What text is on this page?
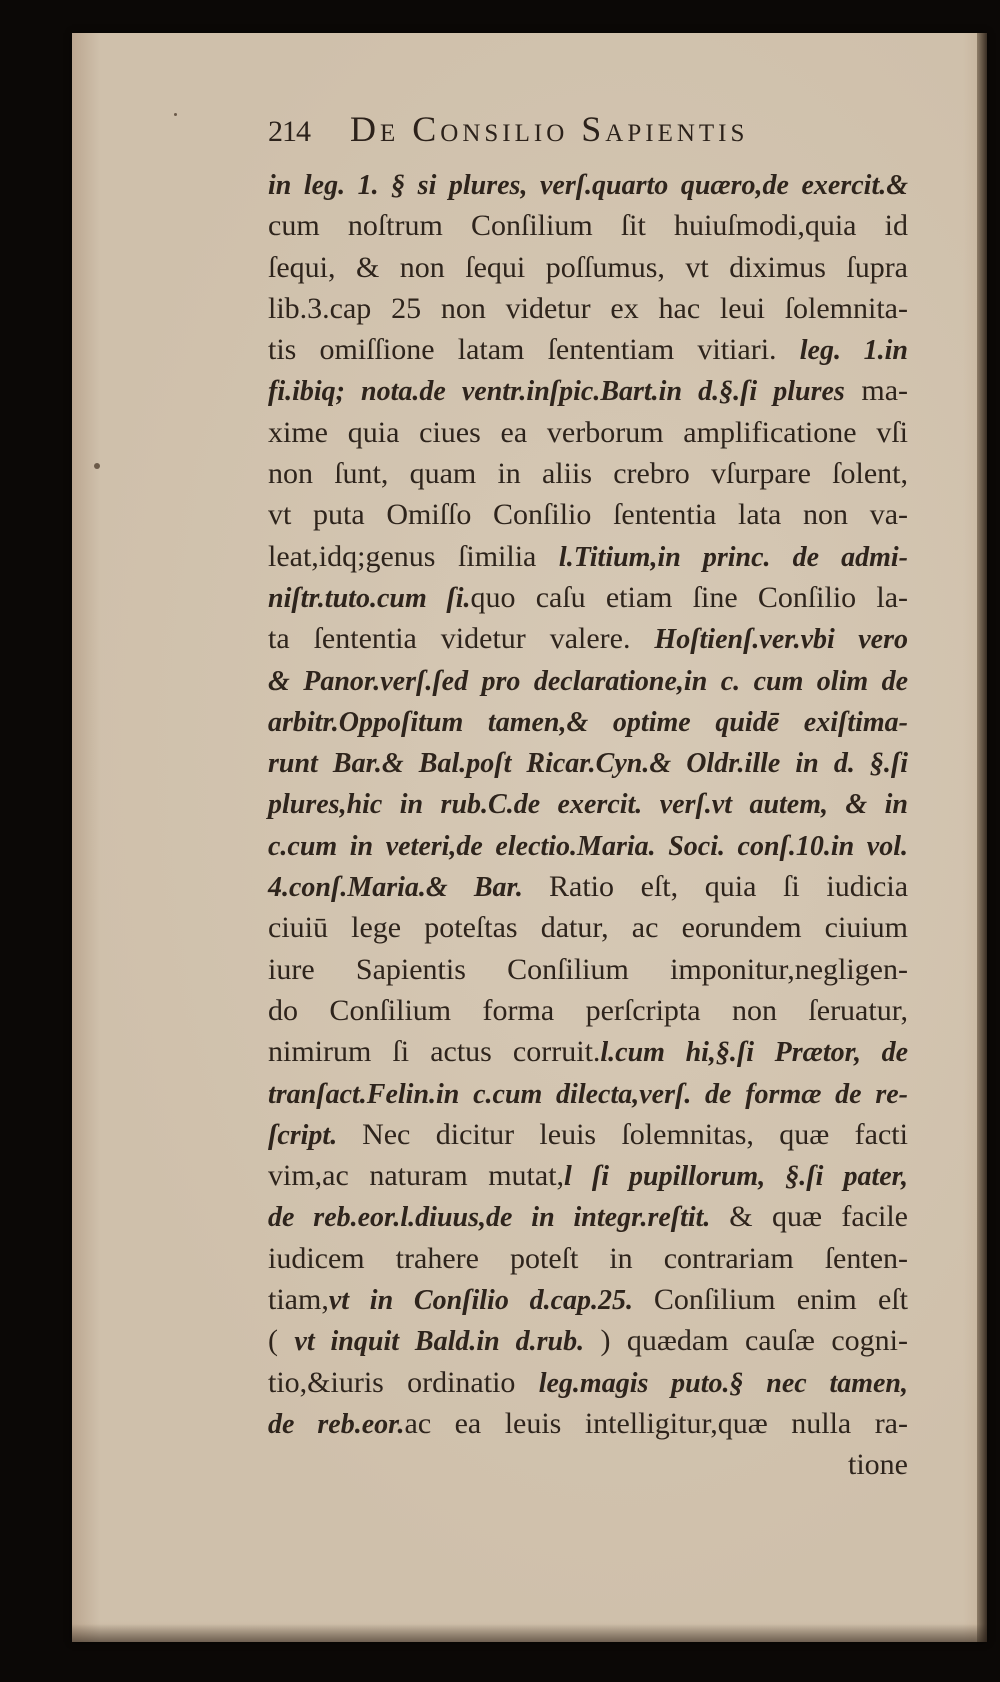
214 De Consilio Sapientis
in leg. 1. § si plures, verſ.quarto quæro,de exercit.&
cum noſtrum Conſilium ſit huiuſmodi,quia id
ſequi, & non ſequi poſſumus, vt diximus ſupra
lib.3.cap 25 non videtur ex hac leui ſolemnita-
tis omiſſione latam ſententiam vitiari. leg. 1.in
fi.ibiq; nota.de ventr.inſpic.Bart.in d.§.ſi plures ma-
xime quia ciues ea verborum amplificatione vſi
non ſunt, quam in aliis crebro vſurpare ſolent,
vt puta Omiſſo Conſilio ſententia lata non va-
leat,idq;genus ſimilia l.Titium,in princ. de admi-
niſtr.tuto.cum ſi.quo caſu etiam ſine Conſilio la-
ta ſententia videtur valere. Hoſtienſ.ver.vbi vero
& Panor.verſ.ſed pro declaratione,in c. cum olim de
arbitr.Oppoſitum tamen,& optime quidē exiſtima-
runt Bar.& Bal.poſt Ricar.Cyn.& Oldr.ille in d. §.ſi
plures,hic in rub.C.de exercit. verſ.vt autem, & in
c.cum in veteri,de electio.Maria. Soci. conſ.10.in vol.
4.conſ.Maria.& Bar. Ratio eſt, quia ſi iudicia
ciuiū lege poteſtas datur, ac eorundem ciuium
iure Sapientis Conſilium imponitur,negligen-
do Conſilium forma perſcripta non ſeruatur,
nimirum ſi actus corruit.l.cum hi,§.ſi Prætor, de
tranſact.Felin.in c.cum dilecta,verſ. de formæ de re-
ſcript. Nec dicitur leuis ſolemnitas, quæ facti
vim,ac naturam mutat,l ſi pupillorum, §.ſi pater,
de reb.eor.l.diuus,de in integr.reſtit. & quæ facile
iudicem trahere poteſt in contrariam ſenten-
tiam,vt in Conſilio d.cap.25. Conſilium enim eſt
( vt inquit Bald.in d.rub. ) quædam cauſæ cogni-
tio,&iuris ordinatio leg.magis puto.§ nec tamen,
de reb.eor.ac ea leuis intelligitur,quæ nulla ra-
tione
